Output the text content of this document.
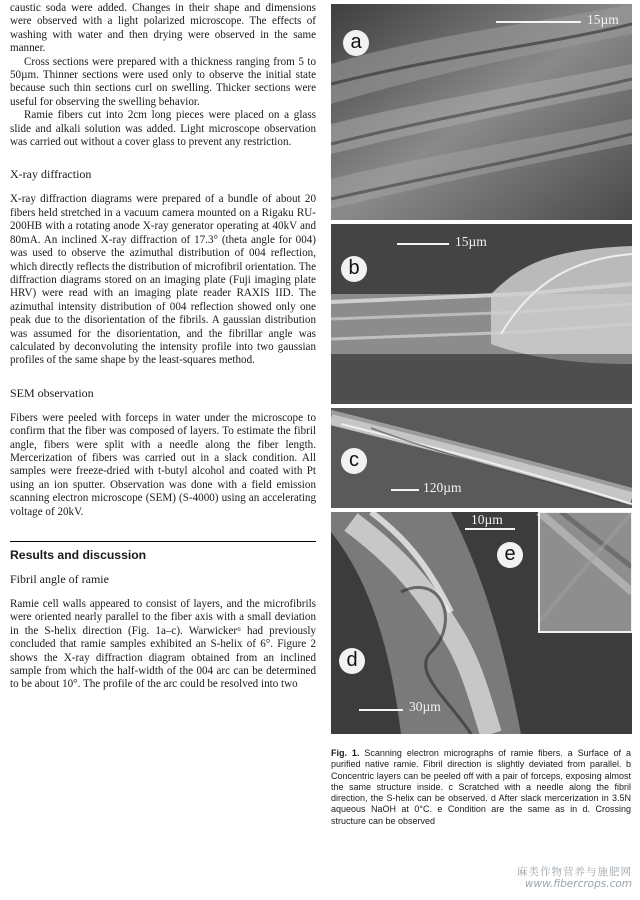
caustic soda were added. Changes in their shape and dimensions were observed with a light polarized microscope. The effects of washing with water and then drying were observed in the same manner.

Cross sections were prepared with a thickness ranging from 5 to 50µm. Thinner sections were used only to observe the initial state because such thin sections curl on swelling. Thicker sections were useful for observing the swelling behavior.

Ramie fibers cut into 2cm long pieces were placed on a glass slide and alkali solution was added. Light microscope observation was carried out without a cover glass to prevent any restriction.

X-ray diffraction

X-ray diffraction diagrams were prepared of a bundle of about 20 fibers held stretched in a vacuum camera mounted on a Rigaku RU-200HB with a rotating anode X-ray generator operating at 40kV and 80mA. An inclined X-ray diffraction of 17.3° (theta angle for 004) was used to observe the azimuthal distribution of 004 reflection, which directly reflects the distribution of microfibril orientation. The diffraction diagrams stored on an imaging plate (Fuji imaging plate HRV) were read with an imaging plate reader RAXIS IID. The azimuthal intensity distribution of 004 reflection showed only one peak due to the disorientation of the fibrils. A gaussian distribution was assumed for the disorientation, and the fibrillar angle was calculated by deconvoluting the intensity profile into two gaussian profiles of the same shape by the least-squares method.

SEM observation

Fibers were peeled with forceps in water under the microscope to confirm that the fiber was composed of layers. To estimate the fibril angle, fibers were split with a needle along the fiber length. Mercerization of fibers was carried out in a slack condition. All samples were freeze-dried with t-butyl alcohol and coated with Pt using an ion sputter. Observation was done with a field emission scanning electron microscope (SEM) (S-4000) using an accelerating voltage of 20kV.

Results and discussion
Fibril angle of ramie

Ramie cell walls appeared to consist of layers, and the microfibrils were oriented nearly parallel to the fiber axis with a small deviation in the S-helix direction (Fig. 1a–c). Warwicker⁶ had previously concluded that ramie samples exhibited an S-helix of 6°. Figure 2 shows the X-ray diffraction diagram obtained from an inclined sample from which the half-width of the 004 arc can be determined to be about 10°. The profile of the arc could be resolved into two

15µm
a
15µm
b
c
120µm
10µm
e
d
30µm
Fig. 1. Scanning electron micrographs of ramie fibers. a Surface of a purified native ramie. Fibril direction is slightly deviated from parallel. b Concentric layers can be peeled off with a pair of forceps, exposing almost the same structure inside. c Scratched with a needle along the fibril direction, the S-helix can be observed. d After slack mercerization in 3.5N aqueous NaOH at 0°C. e Condition are the same as in d. Crossing structure can be observed
麻类作物营养与施肥网
www.fibercrops.com
